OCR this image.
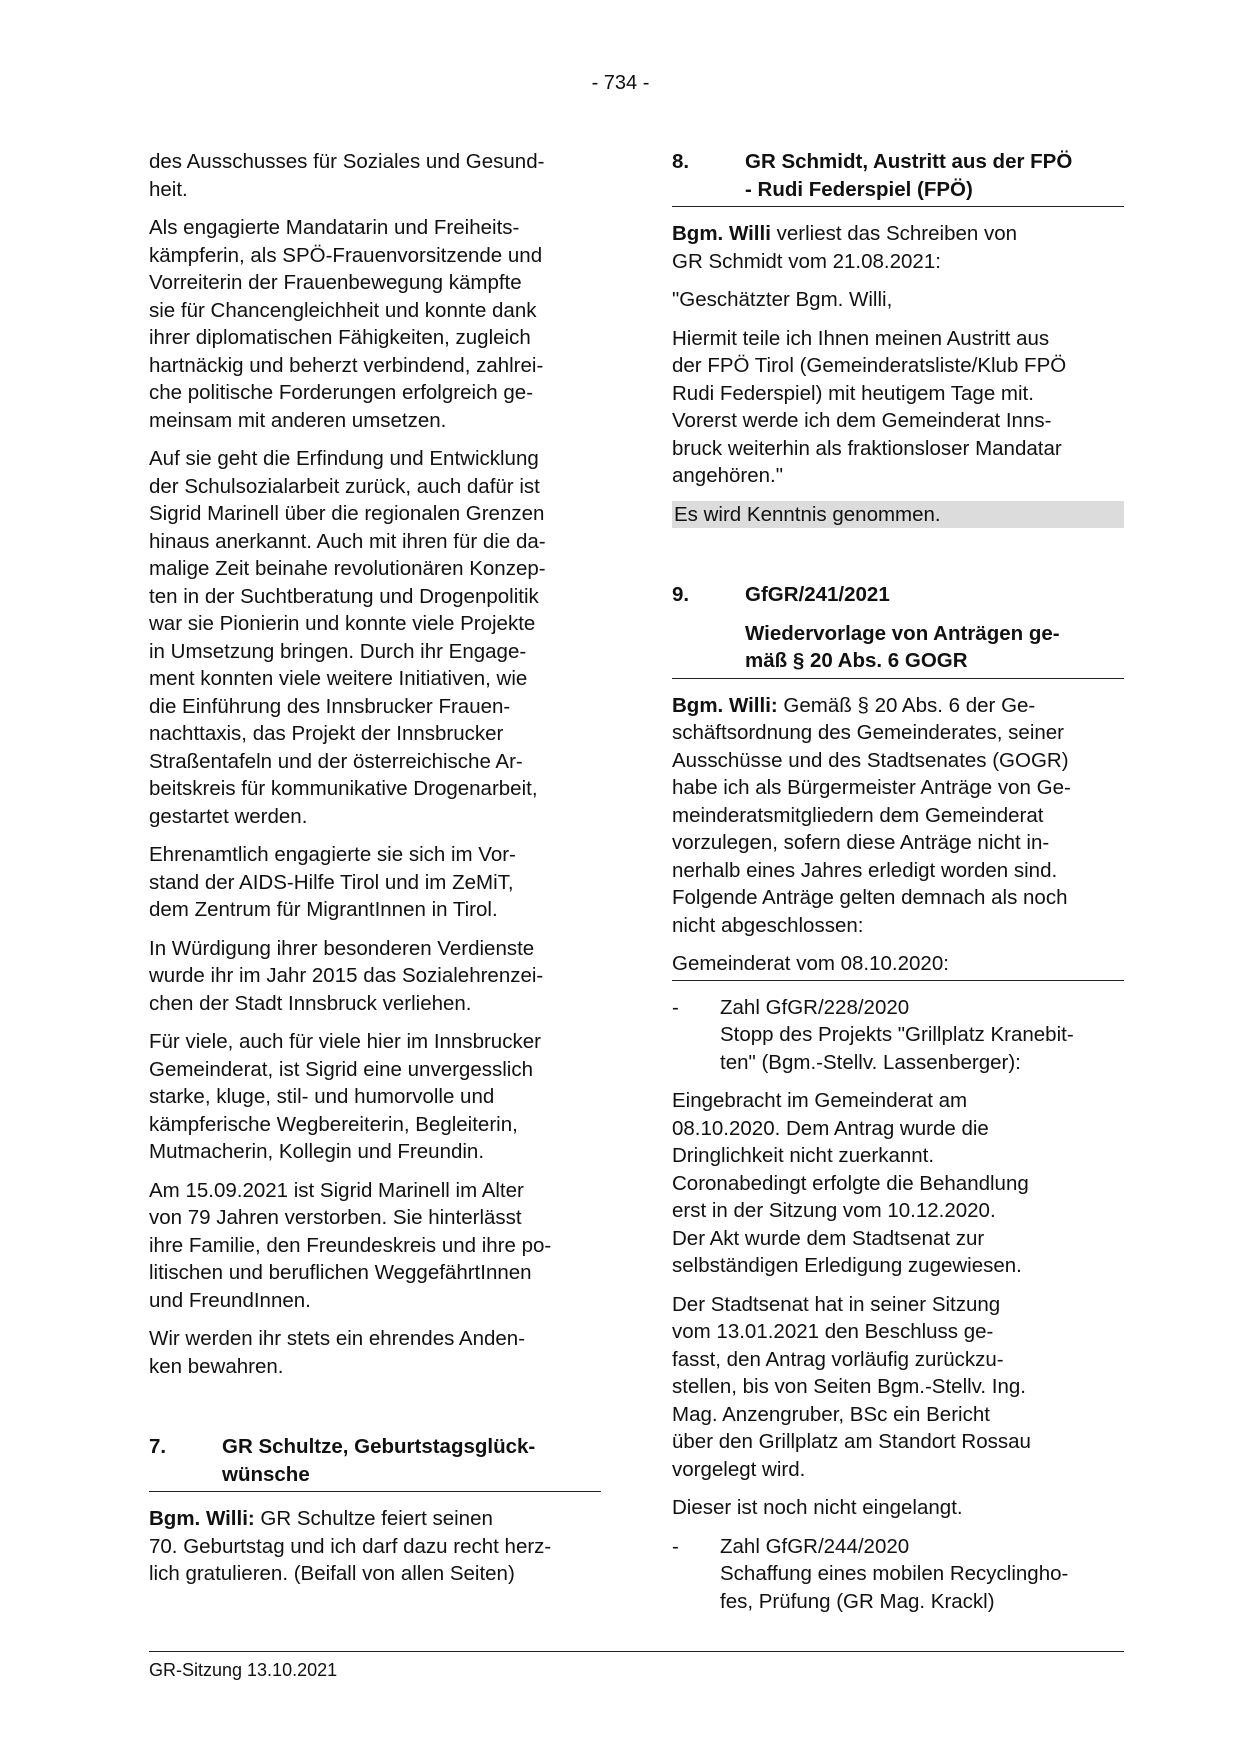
- 734 -

des Ausschusses für Soziales und Gesund-
heit.

Als engagierte Mandatarin und Freiheits-
kämpferin, als SPÖ-Frauenvorsitzende und
Vorreiterin der Frauenbewegung kämpfte
sie für Chancengleichheit und konnte dank
ihrer diplomatischen Fähigkeiten, zugleich
hartnäckig und beherzt verbindend, zahlrei-
che politische Forderungen erfolgreich ge-
meinsam mit anderen umsetzen.

Auf sie geht die Erfindung und Entwicklung
der Schulsozialarbeit zurück, auch dafür ist
Sigrid Marinell über die regionalen Grenzen
hinaus anerkannt. Auch mit ihren für die da-
malige Zeit beinahe revolutionären Konzep-
ten in der Suchtberatung und Drogenpolitik
war sie Pionierin und konnte viele Projekte
in Umsetzung bringen. Durch ihr Engage-
ment konnten viele weitere Initiativen, wie
die Einführung des Innsbrucker Frauen-
nachttaxis, das Projekt der Innsbrucker
Straßentafeln und der österreichische Ar-
beitskreis für kommunikative Drogenarbeit,
gestartet werden.

Ehrenamtlich engagierte sie sich im Vor-
stand der AIDS-Hilfe Tirol und im ZeMiT,
dem Zentrum für MigrantInnen in Tirol.

In Würdigung ihrer besonderen Verdienste
wurde ihr im Jahr 2015 das Sozialehrenzei-
chen der Stadt Innsbruck verliehen.

Für viele, auch für viele hier im Innsbrucker
Gemeinderat, ist Sigrid eine unvergesslich
starke, kluge, stil- und humorvolle und
kämpferische Wegbereiterin, Begleiterin,
Mutmacherin, Kollegin und Freundin.

Am 15.09.2021 ist Sigrid Marinell im Alter
von 79 Jahren verstorben. Sie hinterlässt
ihre Familie, den Freundeskreis und ihre po-
litischen und beruflichen WeggefährtInnen
und FreundInnen.

Wir werden ihr stets ein ehrendes Anden-
ken bewahren.

7.	GR Schultze, Geburtstagsglück-
wünsche

Bgm. Willi: GR Schultze feiert seinen
70. Geburtstag und ich darf dazu recht herz-
lich gratulieren. (Beifall von allen Seiten)

8.	GR Schmidt, Austritt aus der FPÖ
- Rudi Federspiel (FPÖ)

Bgm. Willi verliest das Schreiben von
GR Schmidt vom 21.08.2021:

"Geschätzter Bgm. Willi,

Hiermit teile ich Ihnen meinen Austritt aus
der FPÖ Tirol (Gemeinderatsliste/Klub FPÖ
Rudi Federspiel) mit heutigem Tage mit.
Vorerst werde ich dem Gemeinderat Inns-
bruck weiterhin als fraktionsloser Mandatar
angehören."

Es wird Kenntnis genommen.
9.	GfGR/241/2021
Wiedervorlage von Anträgen ge-
mäß § 20 Abs. 6 GOGR

Bgm. Willi: Gemäß § 20 Abs. 6 der Ge-
schäftsordnung des Gemeinderates, seiner
Ausschüsse und des Stadtsenates (GOGR)
habe ich als Bürgermeister Anträge von Ge-
meinderatsmitgliedern dem Gemeinderat
vorzulegen, sofern diese Anträge nicht in-
nerhalb eines Jahres erledigt worden sind.
Folgende Anträge gelten demnach als noch
nicht abgeschlossen:

Gemeinderat vom 08.10.2020:
-	Zahl GfGR/228/2020
Stopp des Projekts "Grillplatz Kranebit-
ten" (Bgm.-Stellv. Lassenberger):

Eingebracht im Gemeinderat am
08.10.2020. Dem Antrag wurde die
Dringlichkeit nicht zuerkannt.
Coronabedingt erfolgte die Behandlung
erst in der Sitzung vom 10.12.2020.
Der Akt wurde dem Stadtsenat zur
selbständigen Erledigung zugewiesen.

Der Stadtsenat hat in seiner Sitzung
vom 13.01.2021 den Beschluss ge-
fasst, den Antrag vorläufig zurückzu-
stellen, bis von Seiten Bgm.-Stellv. Ing.
Mag. Anzengruber, BSc ein Bericht
über den Grillplatz am Standort Rossau
vorgelegt wird.

Dieser ist noch nicht eingelangt.

-	Zahl GfGR/244/2020
Schaffung eines mobilen Recyclingho-
fes, Prüfung (GR Mag. Krackl)

GR-Sitzung 13.10.2021
